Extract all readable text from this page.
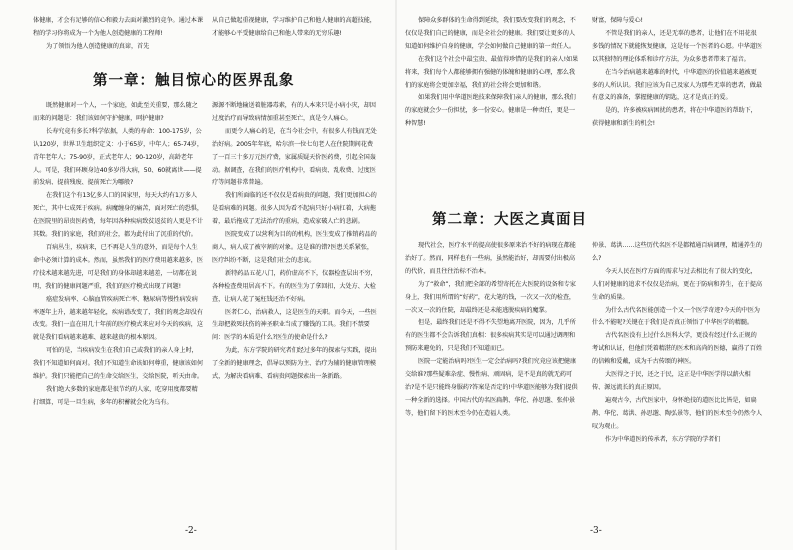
体健康，才会有足够的信心和毅力去面对激烈的竞争。通过本课程的学习你将成为一个为他人创造健康的工程师!

为了领悟为他人创造健康的真谛，首先

从自己做起重视健康，学习维护自己和他人健康的高超技能，才能够心平受健康给自己和他人带来的无穷乐趣!

第一章：触目惊心的医界乱象

既然健康对一个人，一个家庭，如此至关重要，那么随之而来的问题是：我们该如何守护健康，呵护健康?

长寿究竟有多长?科学依据，人类的寿命：100-175岁，公认120岁，世界卫生组织定义：小于65岁，中年人；65-74岁，青年老年人；75-90岁，正式老年人；90-120岁，高龄老年人。可是，我们环顾身边40多岁得大病，50、60就离世——提前发病、提前残废、提前死亡为哪般?

在我们这个有13亿多人口的国家里，每天大约有1万多人死亡，其中七成死于疾病。病魔缠身的痛苦，面对死亡的恐惧，在医院里的昂贵医药费，每年因各种疾病致贫返贫的人更是不计其数。我们的家庭，我们的社会，都为此付出了沉重的代价。

百病丛生，疾病来，已不再是人生的意外，而是每个人生命中必须计算的成本。然而，虽然我们的医疗费用越来越多，医疗技术越来越先进，可是我们的身体却越来越差，一切都在说明，我们的健康问题严重，我们的医疗模式出现了问题!

癌症发病率、心脑血管疾病死亡率、糖尿病等慢性病发病率逐年上升，越来越年轻化，疾病谱改变了，我们的观念却没有改变。我们一直在用几十年前的医疗模式来应对今天的疾病，这就是我们看病越来越难、越来越贵的根本原因。

可怕的是，当疾病发生在我们自己或我们的亲人身上时，我们不知道如何面对。我们不知道生命该如何尊重，健康该如何维护。我们只能把自己的生命交给医生，交给医院，听天由命。

我们绝大多数的家庭都是很节约的人家，吃穿用度都要精打细算，可是一旦生病，多年的积蓄就会化为乌有。

源源不断地输送着脏器毒素，有的人本来只是小病小灾，却因过度治疗而导致病情加重甚至死亡，真是令人痛心。

而更令人痛心的是，在当今社会中，有很多人有钱而无处治好病。2005年年底，哈尔滨一位七旬老人在住院期间花费了一百三十多万元医疗费，家属质疑天价医药费，引起全国轰动。据调查，在我们的医疗机构中，看病贵、乱收费、过度医疗等问题非常普遍。

我们所面临的还不仅仅是看病贵的问题，我们更加担心的是看病难的问题。很多人因为看不起病只好小病扛着，大病拖着，最后拖成了无法治疗的重病，造成家破人亡的悲剧。

医院变成了以营利为目的的机构，医生变成了推销药品的商人，病人成了被宰割的对象。这是谁的错?医患关系紧张，医疗纠纷不断，这是我们社会的悲哀。

新特药品五花八门，药价虚高不下，仪器检查层出不穷，各种检查费用居高不下。有的医生为了拿回扣，大处方、大检查，让病人花了冤枉钱还治不好病。

医者仁心，治病救人，这是医生的天职。而今天，一些医生却把救死扶伤的神圣职业当成了赚钱的工具。我们不禁要问：医学的本质是什么?医生的使命是什么?

为此，东方学院的研究者们经过多年的探索与实践，提出了全新的健康理念，倡导以预防为主、治疗为辅的健康管理模式，为解决看病难、看病贵问题探索出一条新路。

-2-

保障众多群体的生命得到延续，我们要改变我们的观念，不仅仅是我们自己的健康，而是全社会的健康。我们要让更多的人知道如何维护自身的健康，学会如何做自己健康的第一责任人。

在我们这个社会中最宝贵、最值得珍惜的是我们的亲人!如果将来，我们每个人都能够拥有强健的体魄和健康的心理，那么我们的家庭将会更加幸福，我们的社会将会更加和谐。

如果我们用中华道医绝技来保障我们亲人的健康，那么我们的家庭就会少一份担忧，多一份安心。健康是一种责任，更是一种智慧!

财富，保障与爱心!

不管是我们的亲人，还是无辜的患者，让他们在不用花很多钱的情况下就能恢复健康，这是每一个医者的心愿。中华道医以其独特的理论体系和诊疗方法，为众多患者带来了福音。

在当今治病越来越难的时代，中华道医的价值越来越被更多的人所认识。我们应该为自己及家人为那些无辜的患者，做最有意义的准备，掌握健康的钥匙，这才是真正的爱。

是的，许多被疾病困扰的患者，将在中华道医的帮助下，获得健康和新生的机会!

第二章：大医之真面目

现代社会，医疗水平的提高使很多原来治不好的病现在都能治好了。然而，同样也有一些病，虽然能治好，却需要付出极高的代价，而且往往治标不治本。

为了“救命”，我们把全部的希望寄托在大医院的设备和专家身上，我们用所谓的“好药”，花大笔的钱，一次又一次的检查，一次又一次的住院，却最终还是未能逃脱疾病的魔掌。

但是，最终我们还是不得不失望地离开医院，因为，几乎所有的医生都不会告诉我们真相：很多疾病其实是可以通过调理和预防来避免的，只是我们不知道而已。

医院一定能治病吗?医生一定会治病吗?我们究竟应该把健康交给谁?那些疑难杂症、慢性病、顽固病，是不是真的就无药可治?是不是只能终身服药?答案是否定的!中华道医能够为我们提供一种全新的选择。中国古代的名医扁鹊、华佗、孙思邈、张仲景等，他们留下的医术至今仍在造福人类。

仲景、葛洪……这些历代名医不是都精通百病调理，精通养生的么?

今天人民在医疗方面的需求与过去相比有了很大的变化，人们对健康的追求不仅仅是治病，更在于防病和养生，在于提高生命的质量。

为什么古代名医能创造一个又一个医学奇迹?今天的中医为什么不能呢?关键在于我们是否真正领悟了中华医学的精髓。

古代名医没有上过什么医科大学，更没有经过什么正规的考试和认证，但他们凭着精湛的医术和高尚的医德，赢得了百姓的信赖和爱戴，成为千古传颂的神医。

大医得之于民，还之于民，这正是中华医学得以薪火相传、源远流长的真正原因。

遍观古今，古代医家中，身怀绝技的道医比比皆是，如扁鹊、华佗、葛洪、孙思邈、陶弘景等，他们的医术至今仍然令人叹为观止。

作为中华道医的传承者，东方学院的学者们

-3-
